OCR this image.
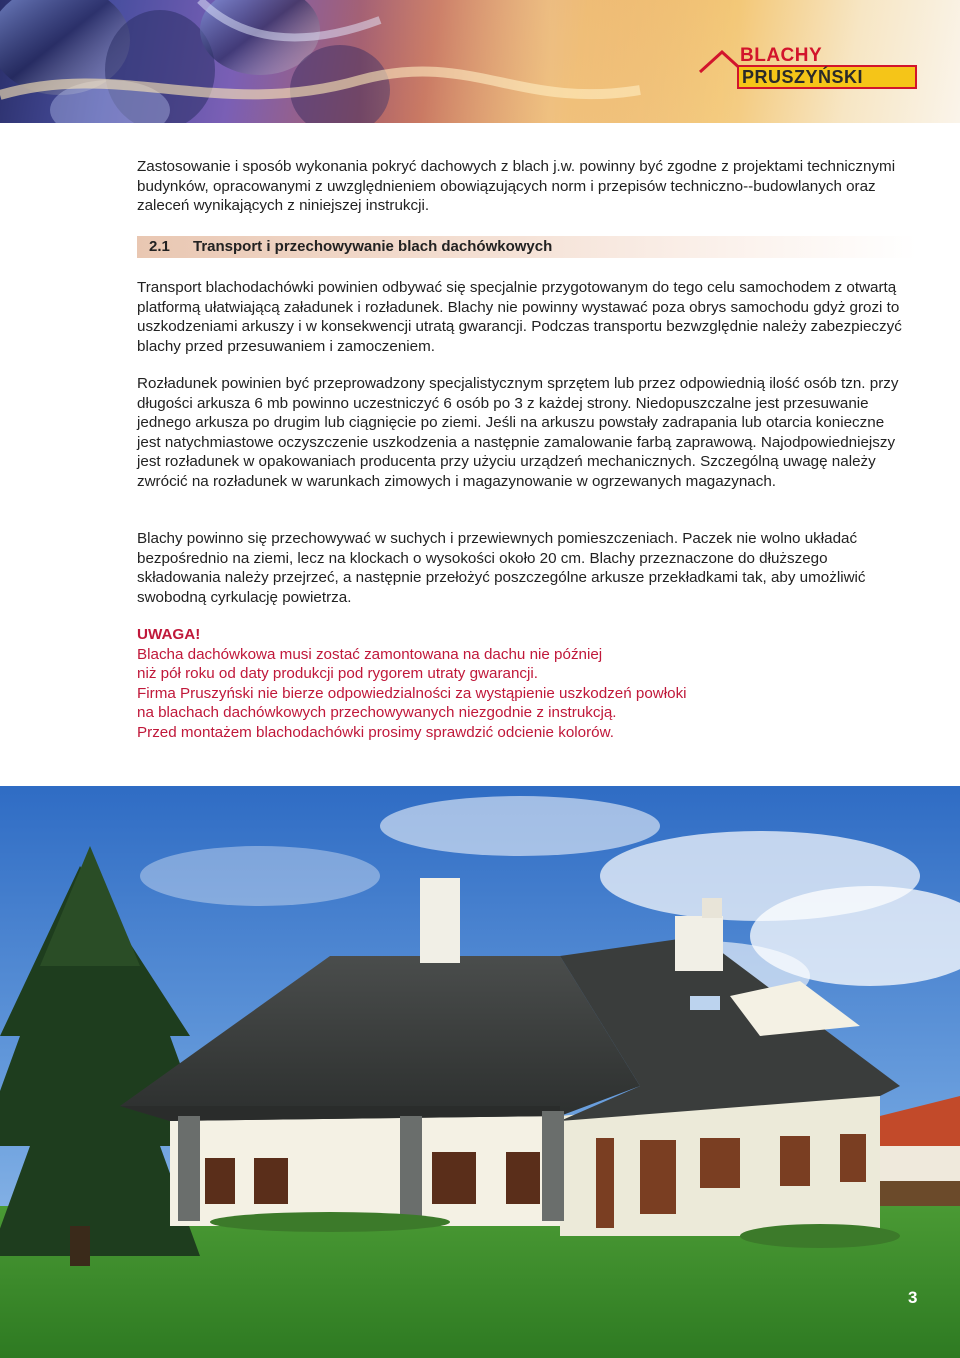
BLACHY
PRUSZYŃSKI

Zastosowanie i sposób wykonania pokryć dachowych z blach j.w. powinny być zgodne z projektami technicznymi budynków, opracowanymi z uwzględnieniem obowiązujących norm i przepisów techniczno--budowlanych oraz zaleceń wynikających z niniejszej instrukcji.

2.1 Transport i przechowywanie blach dachówkowych

Transport blachodachówki powinien odbywać się specjalnie przygotowanym do tego celu samochodem z otwartą platformą ułatwiającą załadunek i rozładunek. Blachy nie powinny wystawać poza obrys samochodu gdyż grozi to uszkodzeniami arkuszy i w konsekwencji utratą gwarancji. Podczas transportu bezwzględnie należy zabezpieczyć blachy przed przesuwaniem i zamoczeniem.

Rozładunek powinien być przeprowadzony specjalistycznym sprzętem lub przez odpowiednią ilość osób tzn. przy długości arkusza 6 mb powinno uczestniczyć 6 osób po 3 z każdej strony. Niedopuszczalne jest przesuwanie jednego arkusza po drugim lub ciągnięcie po ziemi. Jeśli na arkuszu powstały zadrapania lub otarcia konieczne jest natychmiastowe oczyszczenie uszkodzenia a następnie zamalowanie farbą zaprawową. Najodpowiedniejszy jest rozładunek w opakowaniach producenta przy użyciu urządzeń mechanicznych. Szczególną uwagę należy zwrócić na rozładunek w warunkach zimowych i magazynowanie w ogrzewanych magazynach.

Blachy powinno się przechowywać w suchych i przewiewnych pomieszczeniach. Paczek nie wolno układać bezpośrednio na ziemi, lecz na klockach o wysokości około 20 cm. Blachy przeznaczone do dłuższego składowania należy przejrzeć, a następnie przełożyć poszczególne arkusze przekładkami tak, aby umożliwić swobodną cyrkulację powietrza.

UWAGA!
Blacha dachówkowa musi zostać zamontowana na dachu nie później
niż pół roku od daty produkcji pod rygorem utraty gwarancji.
Firma Pruszyński nie bierze odpowiedzialności za wystąpienie uszkodzeń powłoki
na blachach dachówkowych przechowywanych niezgodnie z instrukcją.
Przed montażem blachodachówki prosimy sprawdzić odcienie kolorów.
3
